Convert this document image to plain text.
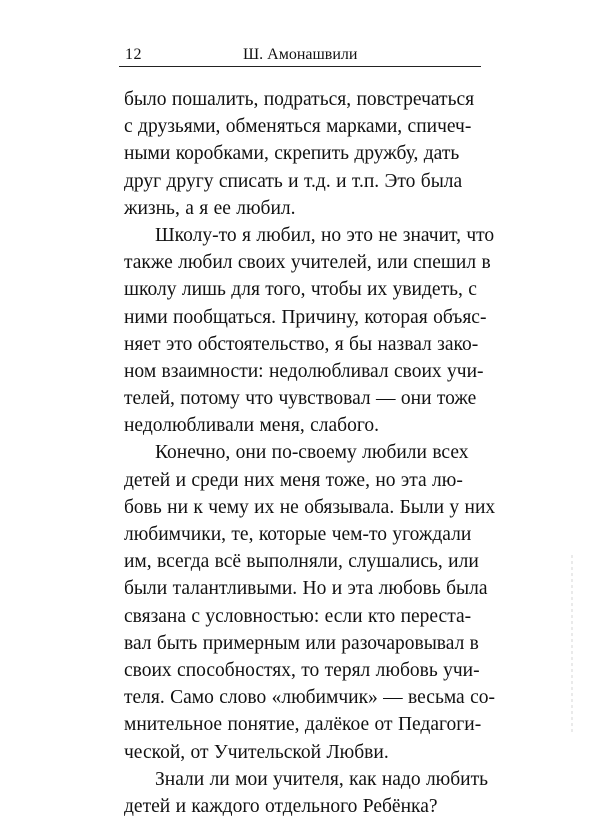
12	Ш. Амонашвили
было пошалить, подраться, повстречаться
с друзьями, обменяться марками, спичеч-
ными коробками, скрепить дружбу, дать
друг другу списать и т.д. и т.п. Это была
жизнь, а я ее любил.
Школу-то я любил, но это не значит, что
также любил своих учителей, или спешил в
школу лишь для того, чтобы их увидеть, с
ними пообщаться. Причину, которая объяс-
няет это обстоятельство, я бы назвал зако-
ном взаимности: недолюбливал своих учи-
телей, потому что чувствовал — они тоже
недолюбливали меня, слабого.
Конечно, они по-своему любили всех
детей и среди них меня тоже, но эта лю-
бовь ни к чему их не обязывала. Были у них
любимчики, те, которые чем-то угождали
им, всегда всё выполняли, слушались, или
были талантливыми. Но и эта любовь была
связана с условностью: если кто переста-
вал быть примерным или разочаровывал в
своих способностях, то терял любовь учи-
теля. Само слово «любимчик» — весьма со-
мнительное понятие, далёкое от Педагоги-
ческой, от Учительской Любви.
Знали ли мои учителя, как надо любить
детей и каждого отдельного Ребёнка?
